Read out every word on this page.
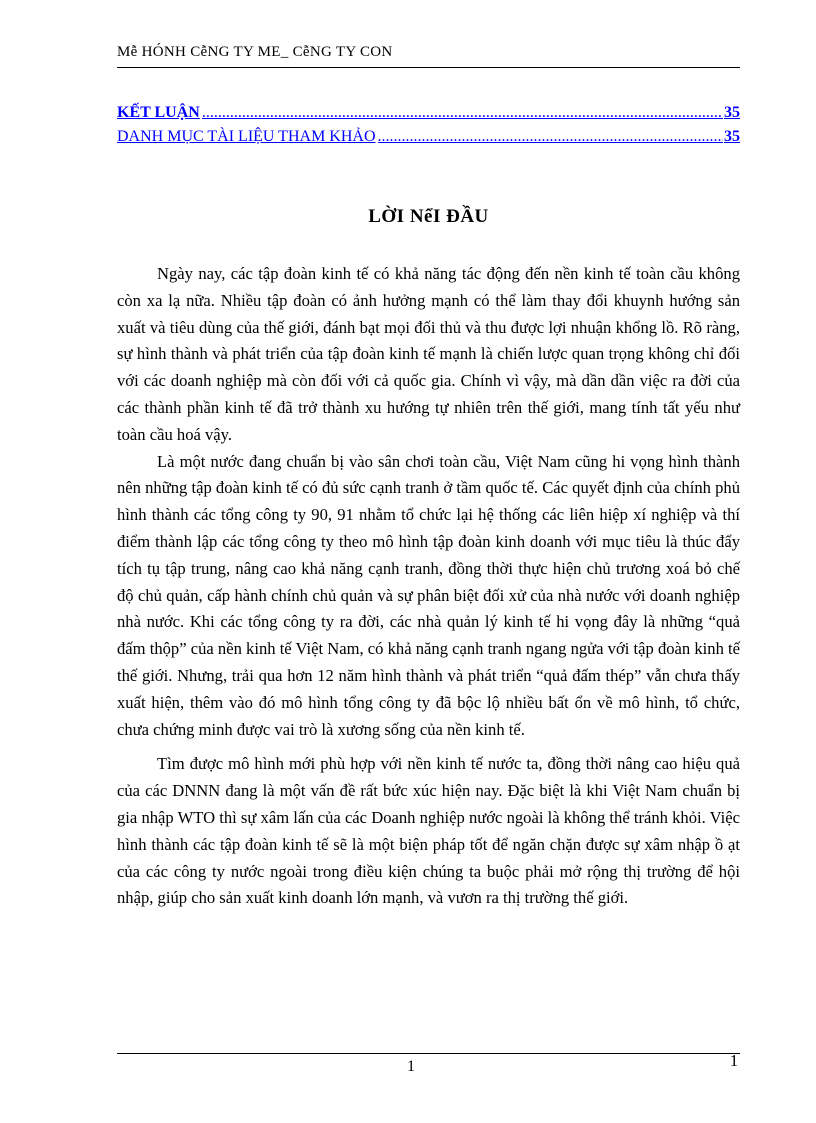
Mễ HÓNH CễNG TY ME_ CễNG TY CON
KẾT LUẬN .....	35
DANH MỤC TÀI LIỆU THAM KHẢO .....	35
LỜI NểI ĐẦU

Ngày nay, các tập đoàn kinh tế có khả năng tác động đến nền kinh tế toàn cầu không còn xa lạ nữa. Nhiều tập đoàn có ảnh hưởng mạnh có thể làm thay đổi khuynh hướng sản xuất và tiêu dùng của thế giới, đánh bạt mọi đối thủ và thu được lợi nhuận khổng lồ. Rõ ràng, sự hình thành và phát triển của tập đoàn kinh tế mạnh là chiến lược quan trọng không chỉ đối với các doanh nghiệp mà còn đối với cả quốc gia. Chính vì vậy, mà dần dần việc ra đời của các thành phần kinh tế đã trở thành xu hướng tự nhiên trên thế giới, mang tính tất yếu như toàn cầu hoá vậy.

Là một nước đang chuẩn bị vào sân chơi toàn cầu, Việt Nam cũng hi vọng hình thành nên những tập đoàn kinh tế có đủ sức cạnh tranh ở tầm quốc tế. Các quyết định của chính phủ hình thành các tổng công ty 90, 91 nhằm tổ chức lại hệ thống các liên hiệp xí nghiệp và thí điểm thành lập các tổng công ty theo mô hình tập đoàn kinh doanh với mục tiêu là thúc đẩy tích tụ tập trung, nâng cao khả năng cạnh tranh, đồng thời thực hiện chủ trương xoá bỏ chế độ chủ quản, cấp hành chính chủ quản và sự phân biệt đối xử của nhà nước với doanh nghiệp nhà nước. Khi các tổng công ty ra đời, các nhà quản lý kinh tế hi vọng đây là những “quả đấm thộp” của nền kinh tế Việt Nam, có khả năng cạnh tranh ngang ngửa với tập đoàn kinh tế thế giới. Nhưng, trải qua hơn 12 năm hình thành và phát triển “quả đấm thép” vẫn chưa thấy xuất hiện, thêm vào đó mô hình tổng công ty đã bộc lộ nhiều bất ổn về mô hình, tổ chức, chưa chứng minh được vai trò là xương sống của nền kinh tế.

Tìm được mô hình mới phù hợp với nền kinh tế nước ta, đồng thời nâng cao hiệu quả của các DNNN đang là một vấn đề rất bức xúc hiện nay. Đặc biệt là khi Việt Nam chuẩn bị gia nhập WTO thì sự xâm lấn của các Doanh nghiệp nước ngoài là không thể tránh khỏi. Việc hình thành các tập đoàn kinh tế sẽ là một biện pháp tốt để ngăn chặn được sự xâm nhập ồ ạt của các công ty nước ngoài trong điều kiện chúng ta buộc phải mở rộng thị trường để hội nhập, giúp cho sản xuất kinh doanh lớn mạnh, và vươn ra thị trường thế giới.

1	1
